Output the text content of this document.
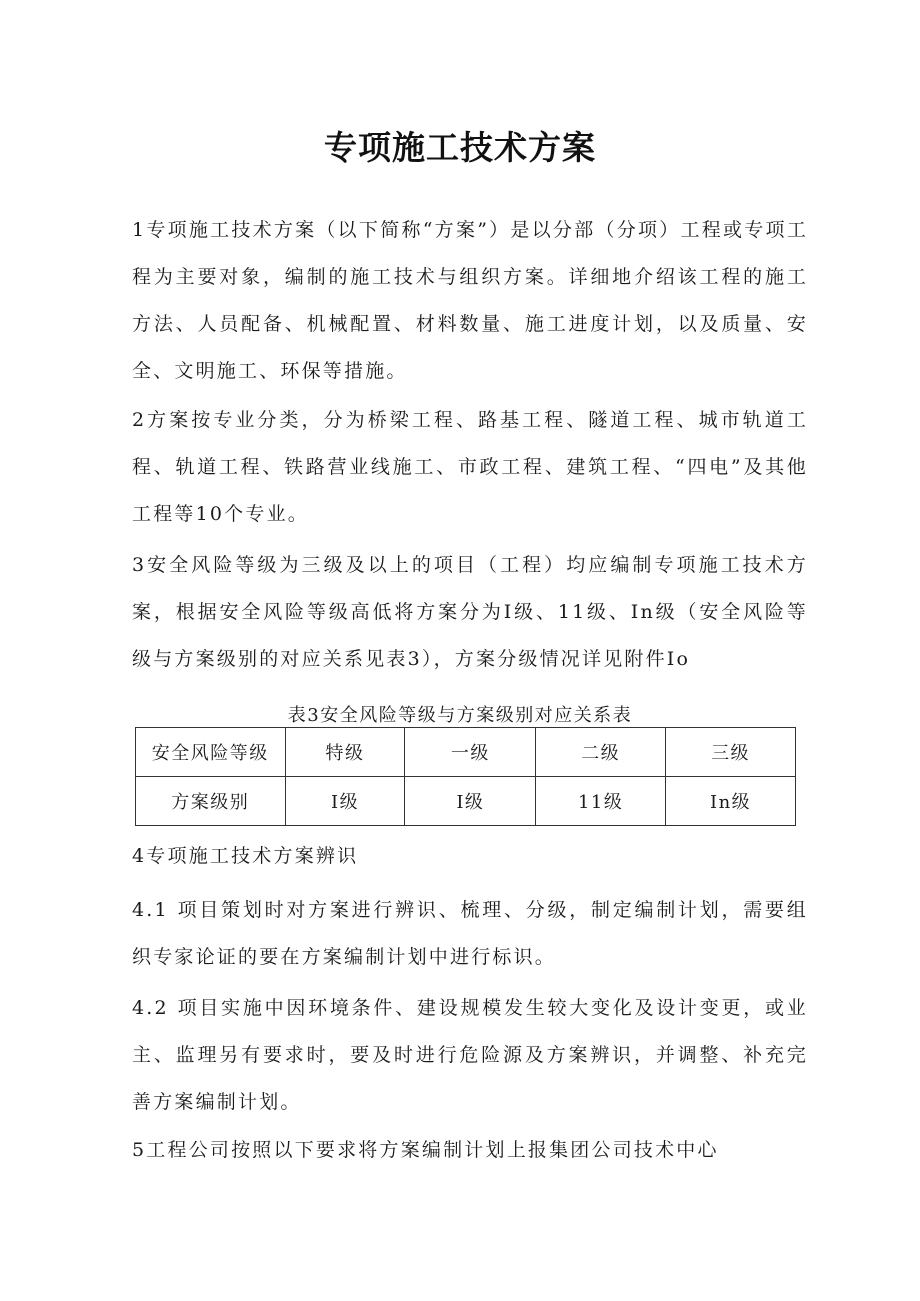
专项施工技术方案

1专项施工技术方案（以下简称“方案”）是以分部（分项）工程或专项工程为主要对象，编制的施工技术与组织方案。详细地介绍该工程的施工方法、人员配备、机械配置、材料数量、施工进度计划，以及质量、安全、文明施工、环保等措施。

2方案按专业分类，分为桥梁工程、路基工程、隧道工程、城市轨道工程、轨道工程、铁路营业线施工、市政工程、建筑工程、“四电”及其他工程等10个专业。

3安全风险等级为三级及以上的项目（工程）均应编制专项施工技术方案，根据安全风险等级高低将方案分为I级、11级、In级（安全风险等级与方案级别的对应关系见表3），方案分级情况详见附件Io

表3安全风险等级与方案级别对应关系表
安全风险等级	特级	一级	二级	三级
方案级别	I级	I级	11级	In级

4专项施工技术方案辨识

4.1 项目策划时对方案进行辨识、梳理、分级，制定编制计划，需要组织专家论证的要在方案编制计划中进行标识。

4.2 项目实施中因环境条件、建设规模发生较大变化及设计变更，或业主、监理另有要求时，要及时进行危险源及方案辨识，并调整、补充完善方案编制计划。

5工程公司按照以下要求将方案编制计划上报集团公司技术中心
